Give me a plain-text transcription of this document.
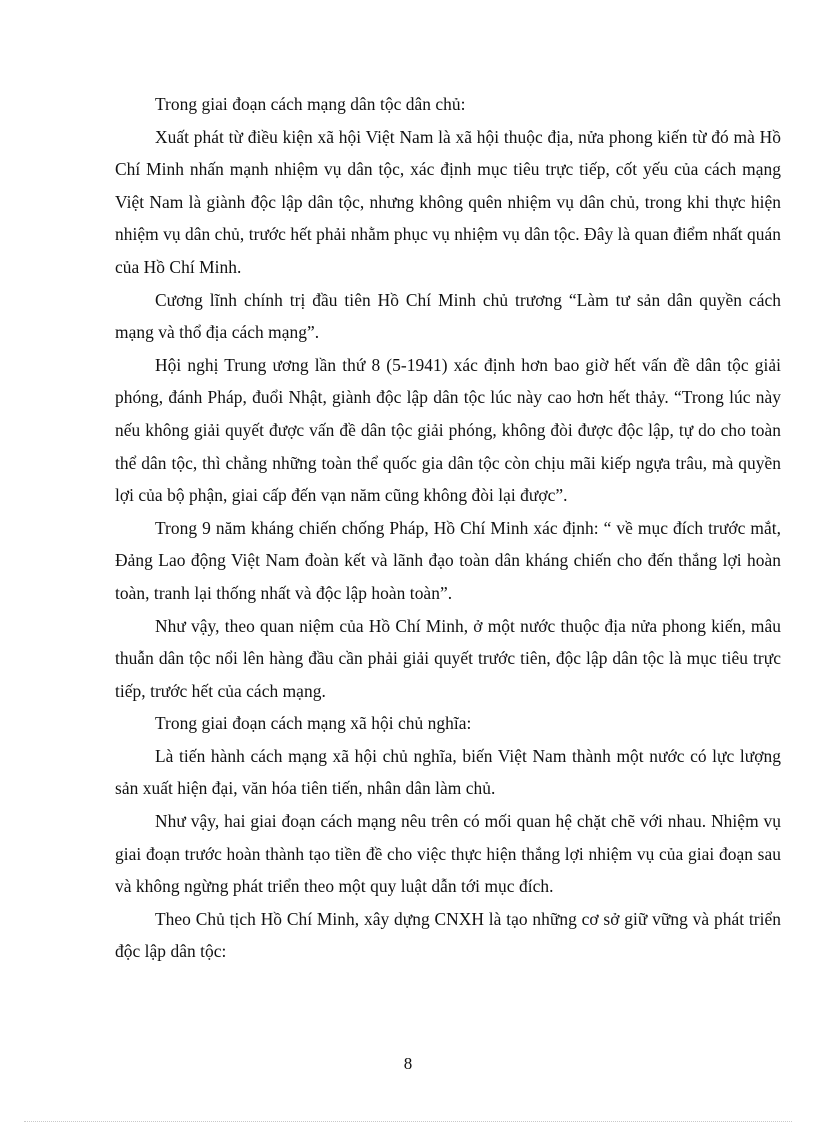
Trong giai đoạn cách mạng dân tộc dân chủ:

Xuất phát từ điều kiện xã hội Việt Nam là xã hội thuộc địa, nửa phong kiến từ đó mà Hồ Chí Minh nhấn mạnh nhiệm vụ dân tộc, xác định mục tiêu trực tiếp, cốt yếu của cách mạng Việt Nam là giành độc lập dân tộc, nhưng không quên nhiệm vụ dân chủ, trong khi thực hiện nhiệm vụ dân chủ, trước hết phải nhằm phục vụ nhiệm vụ dân tộc. Đây là quan điểm nhất quán của Hồ Chí Minh.

Cương lĩnh chính trị đầu tiên Hồ Chí Minh chủ trương “Làm tư sản dân quyền cách mạng và thổ địa cách mạng”.

Hội nghị Trung ương lần thứ 8 (5-1941) xác định hơn bao giờ hết vấn đề dân tộc giải phóng, đánh Pháp, đuổi Nhật, giành độc lập dân tộc lúc này cao hơn hết thảy. “Trong lúc này nếu không giải quyết được vấn đề dân tộc giải phóng, không đòi được độc lập, tự do cho toàn thể dân tộc, thì chẳng những toàn thể quốc gia dân tộc còn chịu mãi kiếp ngựa trâu, mà quyền lợi của bộ phận, giai cấp đến vạn năm cũng không đòi lại được”.

Trong 9 năm kháng chiến chống Pháp, Hồ Chí Minh xác định: “ về mục đích trước mắt, Đảng Lao động Việt Nam đoàn kết và lãnh đạo toàn dân kháng chiến cho đến thắng lợi hoàn toàn, tranh lại thống nhất và độc lập hoàn toàn”.

Như vậy, theo quan niệm của Hồ Chí Minh, ở một nước thuộc địa nửa phong kiến, mâu thuẫn dân tộc nổi lên hàng đầu cần phải giải quyết trước tiên, độc lập dân tộc là mục tiêu trực tiếp, trước hết của cách mạng.

Trong giai đoạn cách mạng xã hội chủ nghĩa:

Là tiến hành cách mạng xã hội chủ nghĩa, biến Việt Nam thành một nước có lực lượng sản xuất hiện đại, văn hóa tiên tiến, nhân dân làm chủ.

Như vậy, hai giai đoạn cách mạng nêu trên có mối quan hệ chặt chẽ với nhau. Nhiệm vụ giai đoạn trước hoàn thành tạo tiền đề cho việc thực hiện thắng lợi nhiệm vụ của giai đoạn sau và không ngừng phát triển theo một quy luật dẫn tới mục đích.

Theo Chủ tịch Hồ Chí Minh, xây dựng CNXH là tạo những cơ sở giữ vững và phát triển độc lập dân tộc:

8
